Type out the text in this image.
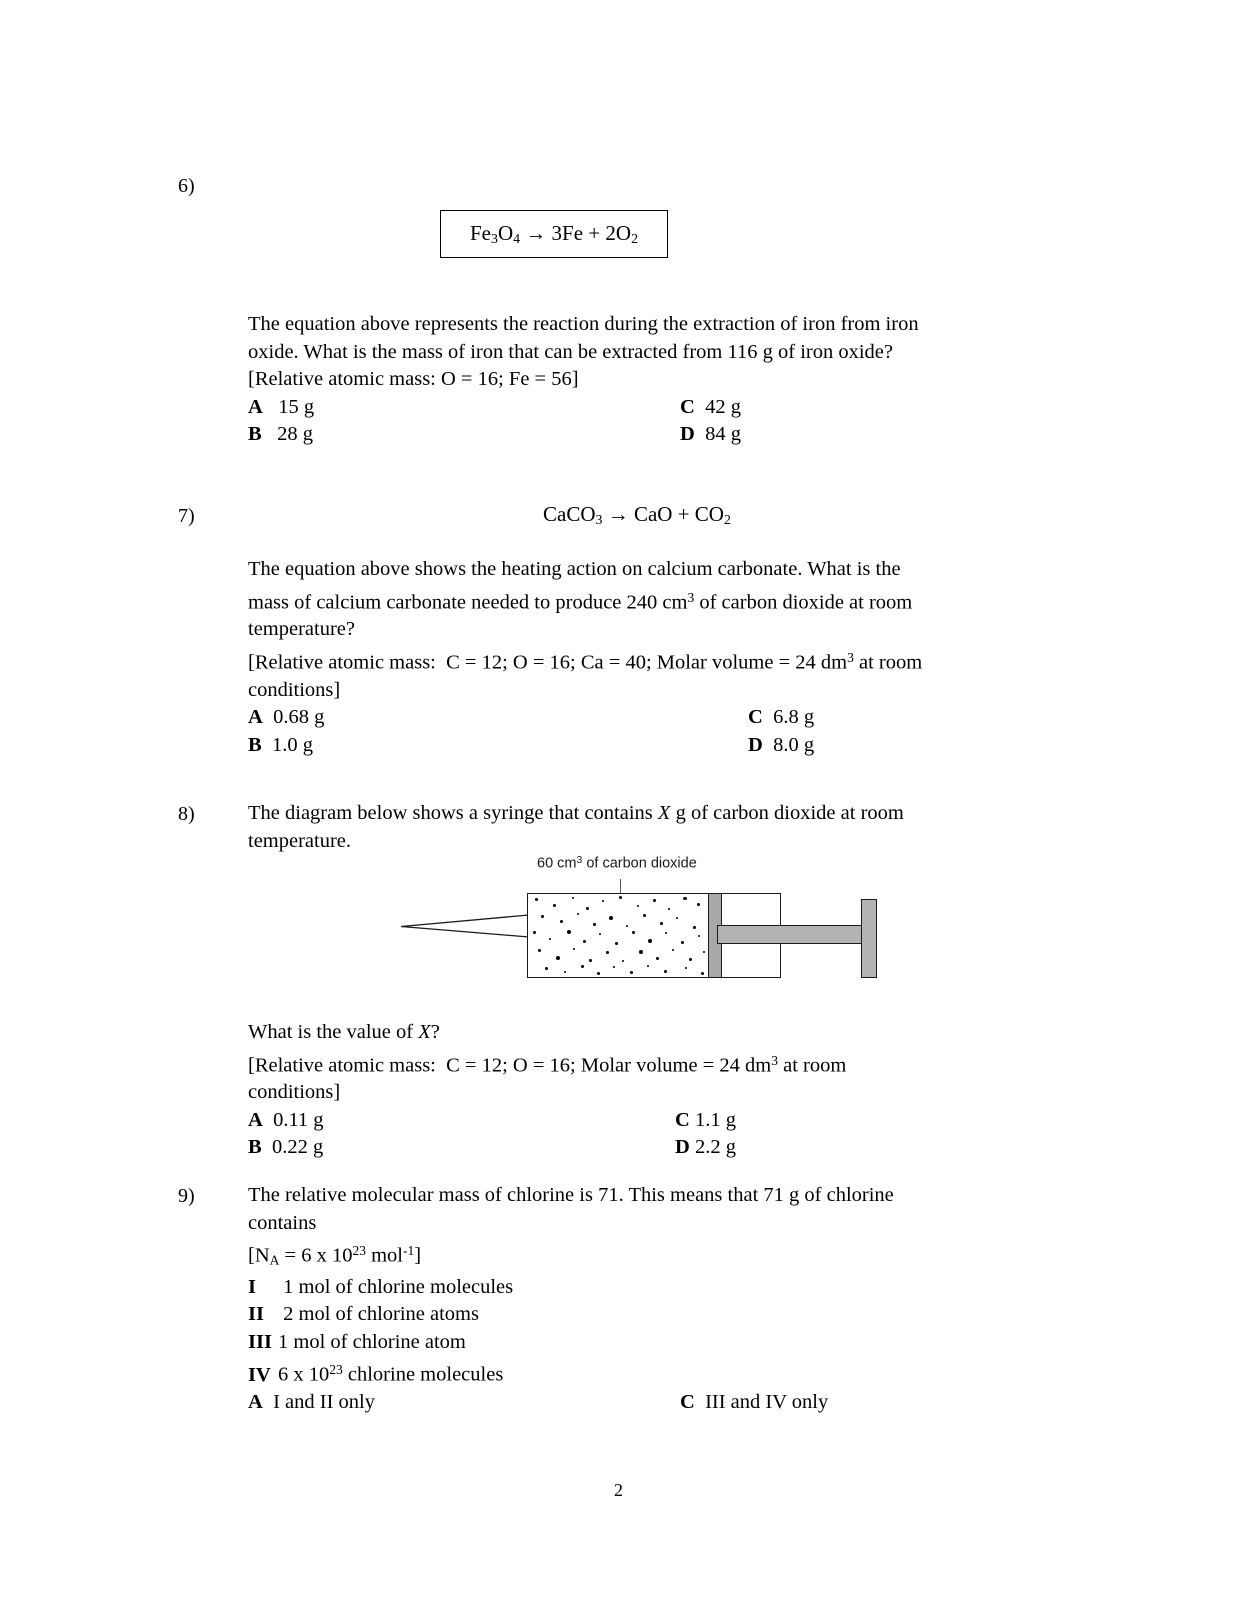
6)
$Fe_3O_4 \to 3Fe + 2O_2$

The equation above represents the reaction during the extraction of iron from iron

oxide. What is the mass of iron that can be extracted from 116 g of iron oxide?

[Relative atomic mass: O = 16; Fe = 56]

A 15 g	C 42 g
B 28 g	D 84 g
7)	CaCO$_3$ → CaO + $CO_2$

The equation above shows the heating action on calcium carbonate. What is the

mass of calcium carbonate needed to produce 240 $cm^3$ of carbon dioxide at room

temperature?

[Relative atomic mass:  C = 12; O = 16; Ca = 40; Molar volume = 24 $dm^3$ at room

conditions]

A 0.68 g	C 6.8 g
B 1.0 g	D 8.0 g
8)	The diagram below shows a syringe that contains X g of carbon dioxide at room

temperature.

60 $cm^3$ of carbon dioxide

What is the value of X?

[Relative atomic mass:  C = 12; O = 16; Molar volume = 24 $dm^3$ at room

conditions]

A 0.11 g	C 1.1 g
B 0.22 g	D 2.2 g
9)	The relative molecular mass of chlorine is 71. This means that 71 g of chlorine

contains

[$N_A = 6$ x $10^{23}$ mol$^{-1}$]

I 1 mol of chlorine molecules

II 2 mol of chlorine atoms

III 1 mol of chlorine atom

IV 6 x $10^{23}$ chlorine molecules

A I and II only	C III and IV only
2
